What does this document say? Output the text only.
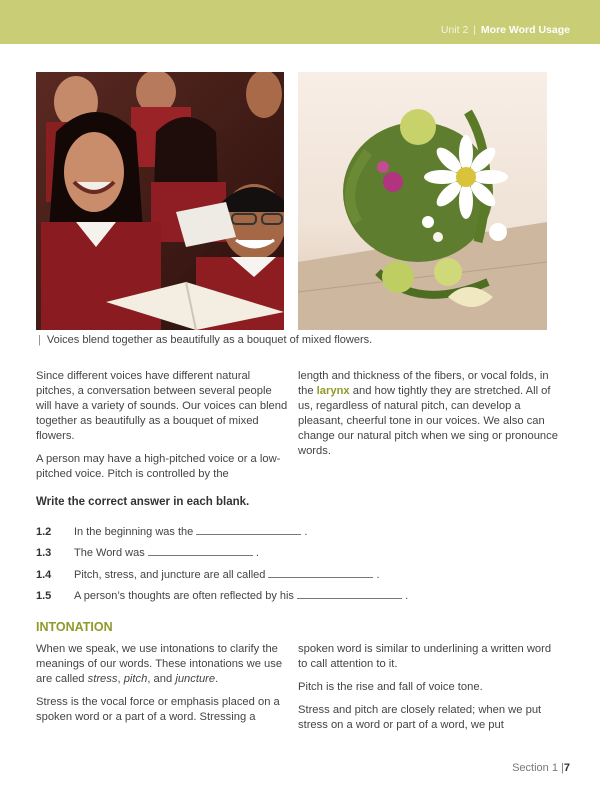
Unit 2 | More Word Usage
| Voices blend together as beautifully as a bouquet of mixed flowers.

Since different voices have different natural pitches, a conversation between several people will have a variety of sounds. Our voices can blend together as beautifully as a bouquet of mixed flowers.

A person may have a high-pitched voice or a low-pitched voice. Pitch is controlled by the

length and thickness of the fibers, or vocal folds, in the larynx and how tightly they are stretched. All of us, regardless of natural pitch, can develop a pleasant, cheerful tone in our voices. We also can change our natural pitch when we sing or pronounce words.

Write the correct answer in each blank.
1.2 In the beginning was the	.
1.3 The Word was	.
1.4 Pitch, stress, and juncture are all called	.
1.5 A person’s thoughts are often reflected by his	.
INTONATION

When we speak, we use intonations to clarify the meanings of our words. These intonations we use are called stress, pitch, and juncture.

Stress is the vocal force or emphasis placed on a spoken word or a part of a word. Stressing a

spoken word is similar to underlining a written word to call attention to it.

Pitch is the rise and fall of voice tone.

Stress and pitch are closely related; when we put stress on a word or part of a word, we put

Section 1 |7
